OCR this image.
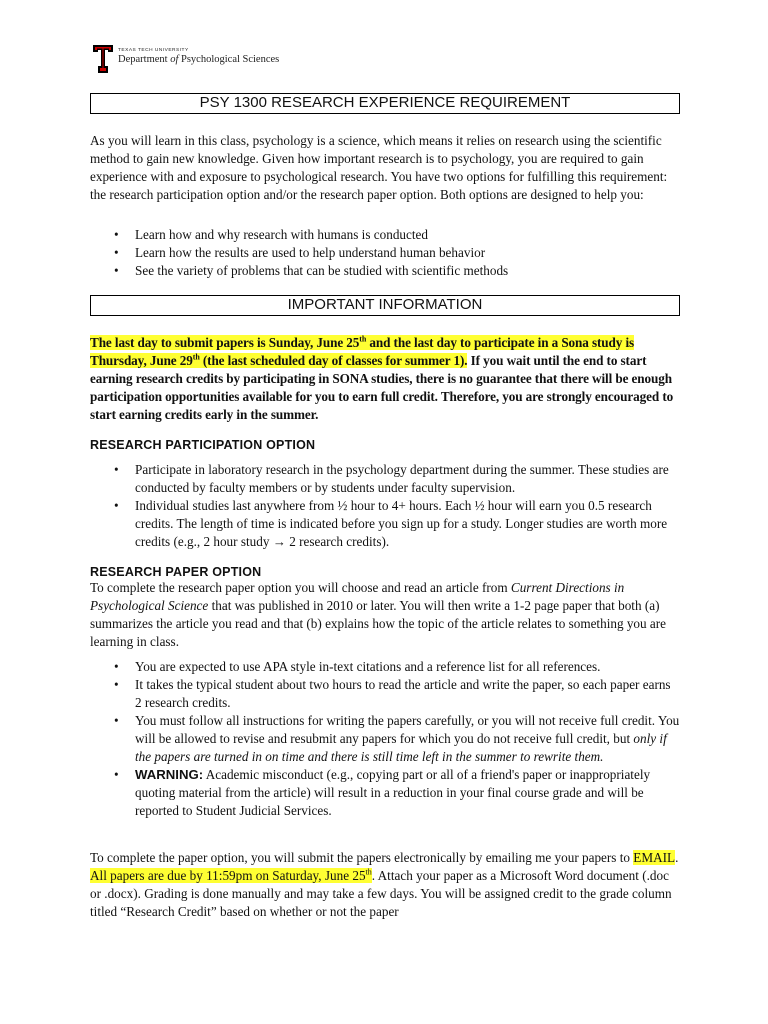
TEXAS TECH UNIVERSITY
Department of Psychological Sciences
PSY 1300 RESEARCH EXPERIENCE REQUIREMENT

As you will learn in this class, psychology is a science, which means it relies on research using the scientific method to gain new knowledge. Given how important research is to psychology, you are required to gain experience with and exposure to psychological research. You have two options for fulfilling this requirement: the research participation option and/or the research paper option. Both options are designed to help you:

• Learn how and why research with humans is conducted
• Learn how the results are used to help understand human behavior
• See the variety of problems that can be studied with scientific methods
IMPORTANT INFORMATION

The last day to submit papers is Sunday, June 25th and the last day to participate in a Sona study is Thursday, June 29th (the last scheduled day of classes for summer 1). If you wait until the end to start earning research credits by participating in SONA studies, there is no guarantee that there will be enough participation opportunities available for you to earn full credit. Therefore, you are strongly encouraged to start earning credits early in the summer.

RESEARCH PARTICIPATION OPTION
• Participate in laboratory research in the psychology department during the summer. These studies are conducted by faculty members or by students under faculty supervision.
• Individual studies last anywhere from ½ hour to 4+ hours. Each ½ hour will earn you 0.5 research credits. The length of time is indicated before you sign up for a study. Longer studies are worth more credits (e.g., 2 hour study → 2 research credits).
RESEARCH PAPER OPTION

To complete the research paper option you will choose and read an article from Current Directions in Psychological Science that was published in 2010 or later. You will then write a 1-2 page paper that both (a) summarizes the article you read and that (b) explains how the topic of the article relates to something you are learning in class.

• You are expected to use APA style in-text citations and a reference list for all references.
• It takes the typical student about two hours to read the article and write the paper, so each paper earns 2 research credits.
• You must follow all instructions for writing the papers carefully, or you will not receive full credit. You will be allowed to revise and resubmit any papers for which you do not receive full credit, but only if the papers are turned in on time and there is still time left in the summer to rewrite them.
• WARNING: Academic misconduct (e.g., copying part or all of a friend's paper or inappropriately quoting material from the article) will result in a reduction in your final course grade and will be reported to Student Judicial Services.

To complete the paper option, you will submit the papers electronically by emailing me your papers to EMAIL. All papers are due by 11:59pm on Saturday, June 25th. Attach your paper as a Microsoft Word document (.doc or .docx). Grading is done manually and may take a few days. You will be assigned credit to the grade column titled “Research Credit” based on whether or not the paper
